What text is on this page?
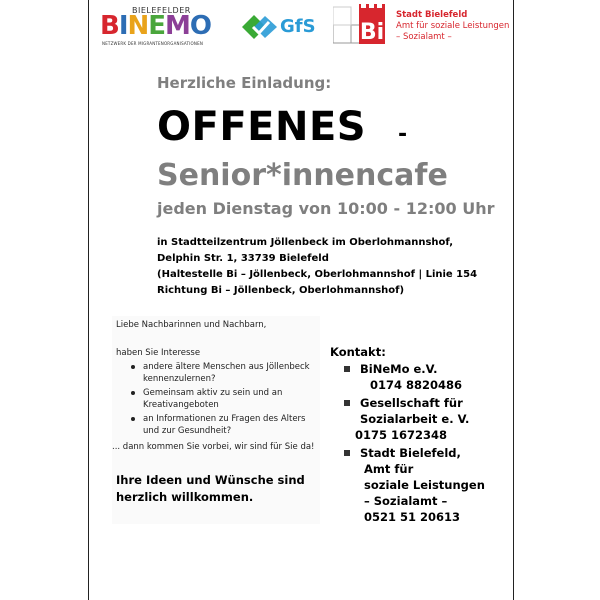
BIELEFELDER
BINEMO
NETZWERK DER MIGRANTENORGANISATIONEN
GfS Bi
Stadt Bielefeld
Amt für soziale Leistungen
– Sozialamt –
Herzliche Einladung:
OFFENES -
Senior*innencafe
jeden Dienstag von 10:00 - 12:00 Uhr
in Stadtteilzentrum Jöllenbeck im Oberlohmannshof,
Delphin Str. 1, 33739 Bielefeld
(Haltestelle Bi – Jöllenbeck, Oberlohmannshof | Linie 154
Richtung Bi – Jöllenbeck, Oberlohmannshof)
Liebe Nachbarinnen und Nachbarn,
haben Sie Interesse
andere ältere Menschen aus Jöllenbeck
kennenzulernen?
Gemeinsam aktiv zu sein und an
Kreativangeboten
an Informationen zu Fragen des Alters
und zur Gesundheit?
... dann kommen Sie vorbei, wir sind für Sie da!
Ihre Ideen und Wünsche sind
herzlich willkommen.
Kontakt:
BiNeMo e.V.
0174 8820486
Gesellschaft für
Sozialarbeit e. V.
0175 1672348
Stadt Bielefeld,
Amt für
soziale Leistungen
– Sozialamt –
0521 51 20613
